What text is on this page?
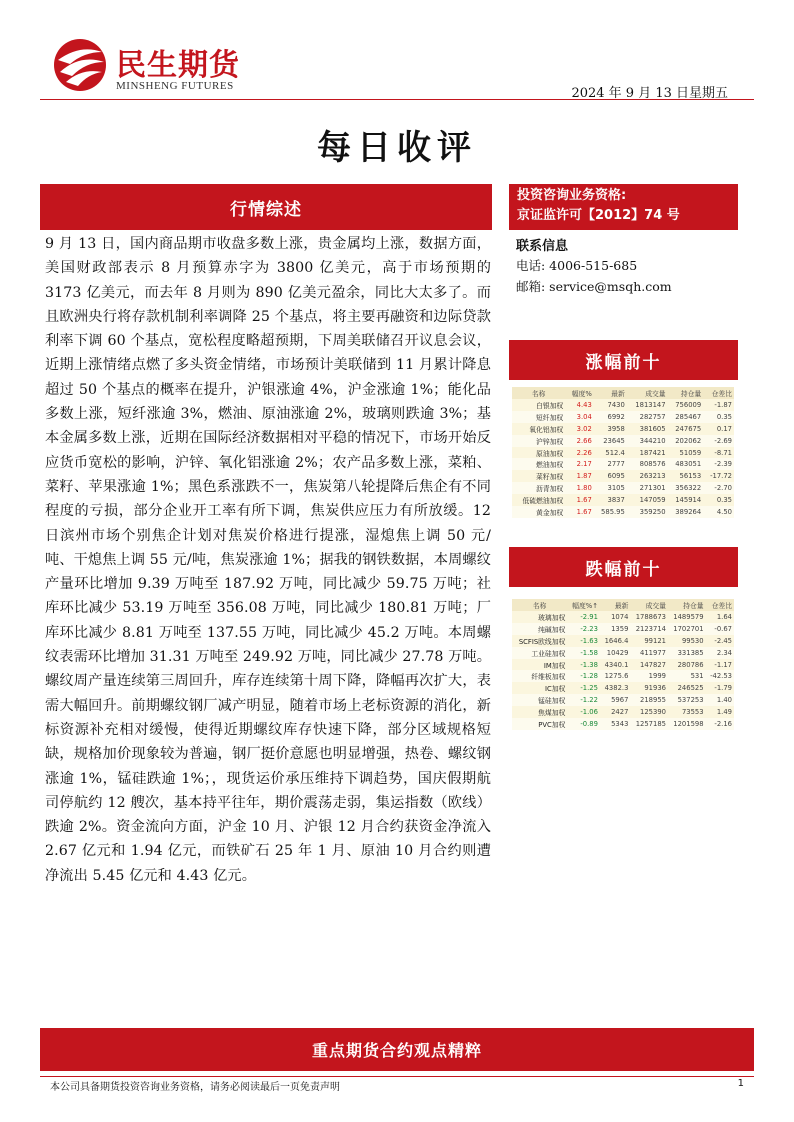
民生期货
MINSHENG FUTURES	2024 年 9 月 13 日星期五
每日收评
行情综述
9 月 13 日，国内商品期市收盘多数上涨，贵金属均上涨，数据方面，美国财政部表示 8 月预算赤字为 3800 亿美元，高于市场预期的 3173 亿美元，而去年 8 月则为 890 亿美元盈余，同比大太多了。而且欧洲央行将存款机制利率调降 25 个基点，将主要再融资和边际贷款利率下调 60 个基点，宽松程度略超预期，下周美联储召开议息会议，近期上涨情绪点燃了多头资金情绪，市场预计美联储到 11 月累计降息超过 50 个基点的概率在提升，沪银涨逾 4%，沪金涨逾 1%；能化品多数上涨，短纤涨逾 3%，燃油、原油涨逾 2%，玻璃则跌逾 3%；基本金属多数上涨，近期在国际经济数据相对平稳的情况下，市场开始反应货币宽松的影响，沪锌、氧化铝涨逾 2%；农产品多数上涨，菜粕、菜籽、苹果涨逾 1%；黑色系涨跌不一，焦炭第八轮提降后焦企有不同程度的亏损，部分企业开工率有所下调，焦炭供应压力有所放缓。12 日滨州市场个别焦企计划对焦炭价格进行提涨，湿熄焦上调 50 元/吨、干熄焦上调 55 元/吨，焦炭涨逾 1%；据我的钢铁数据，本周螺纹产量环比增加 9.39 万吨至 187.92 万吨，同比减少 59.75 万吨；社库环比减少 53.19 万吨至 356.08 万吨，同比减少 180.81 万吨；厂库环比减少 8.81 万吨至 137.55 万吨，同比减少 45.2 万吨。本周螺纹表需环比增加 31.31 万吨至 249.92 万吨，同比减少 27.78 万吨。螺纹周产量连续第三周回升，库存连续第十周下降，降幅再次扩大，表需大幅回升。前期螺纹钢厂减产明显，随着市场上老标资源的消化，新标资源补充相对缓慢，使得近期螺纹库存快速下降，部分区域规格短缺，规格加价现象较为普遍，钢厂挺价意愿也明显增强，热卷、螺纹钢涨逾 1%，锰硅跌逾 1%；，现货运价承压维持下调趋势，国庆假期航司停航约 12 艘次，基本持平往年，期价震荡走弱，集运指数（欧线）跌逾 2%。资金流向方面，沪金 10 月、沪银 12 月合约获资金净流入 2.67 亿元和 1.94 亿元，而铁矿石 25 年 1 月、原油 10 月合约则遭净流出 5.45 亿元和 4.43 亿元。
投资咨询业务资格:
京证监许可【2012】74 号
联系信息
电话: 4006-515-685
邮箱: service@msqh.com
涨幅前十
名称	幅度%	最新	成交量	持仓量	仓差比
白银加权	4.43	7430	1813147	756009	-1.87
短纤加权	3.04	6992	282757	285467	0.35
氧化铝加权	3.02	3958	381605	247675	0.17
沪锌加权	2.66	23645	344210	202062	-2.69
原油加权	2.26	512.4	187421	51059	-8.71
燃油加权	2.17	2777	808576	483051	-2.39
菜籽加权	1.87	6095	263213	56153	-17.72
沥青加权	1.80	3105	271301	356322	-2.70
低硫燃油加权	1.67	3837	147059	145914	0.35
黄金加权	1.67	585.95	359250	389264	4.50
跌幅前十
名称	幅度%↑	最新	成交量	持仓量	仓差比
玻璃加权	-2.91	1074	1788673	1489579	1.64
纯碱加权	-2.23	1359	2123714	1702701	-0.67
SCFIS欧线加权	-1.63	1646.4	99121	99530	-2.45
工业硅加权	-1.58	10429	411977	331385	2.34
IM加权	-1.38	4340.1	147827	280786	-1.17
纤维板加权	-1.28	1275.6	1999	531	-42.53
IC加权	-1.25	4382.3	91936	246525	-1.79
锰硅加权	-1.22	5967	218955	537253	1.40
焦煤加权	-1.06	2427	125390	73553	1.49
PVC加权	-0.89	5343	1257185	1201598	-2.16
重点期货合约观点精粹
本公司具备期货投资咨询业务资格，请务必阅读最后一页免责声明	1
